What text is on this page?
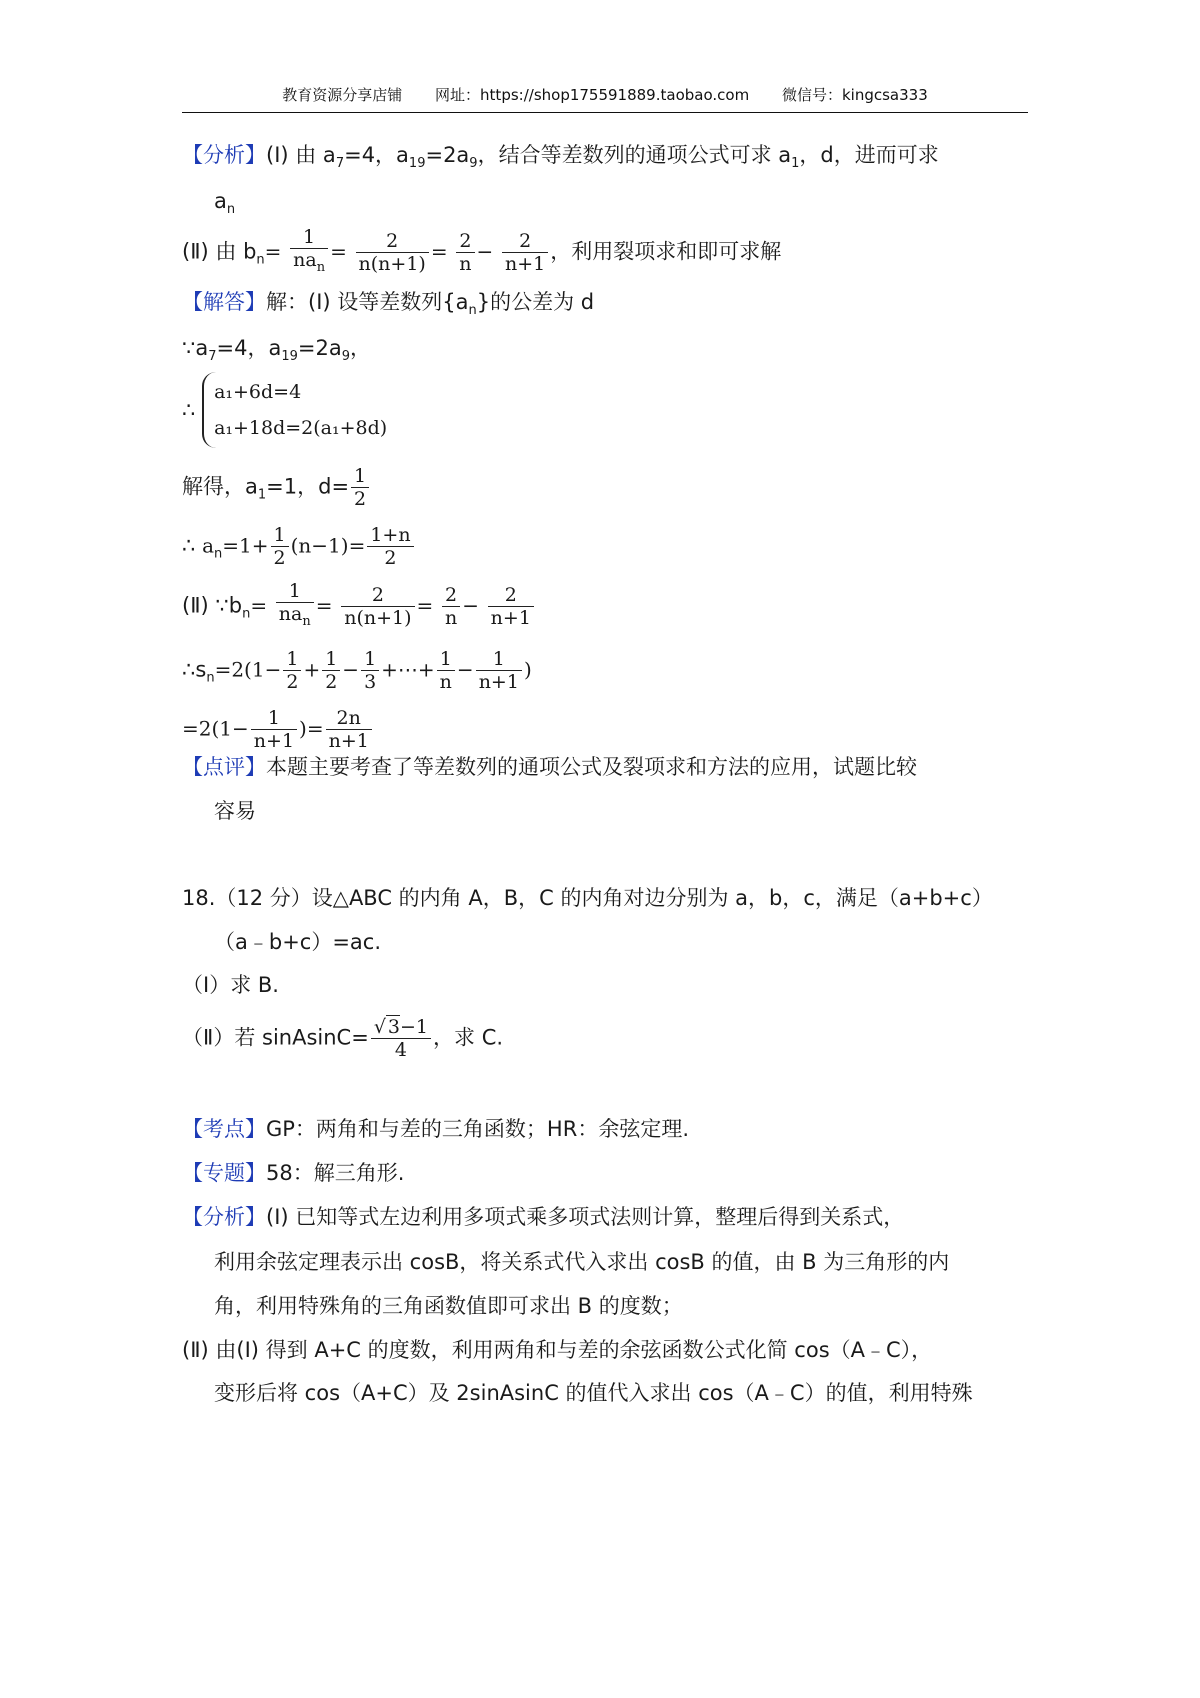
教育资源分享店铺 网址：https://shop175591889.taobao.com 微信号：kingcsa333
【分析】(Ⅰ) 由 $a_7=4$，$a_{19}=2a_9$，结合等差数列的通项公式可求 $a_1$，d，进而可求
$a_n$
(Ⅱ) 由 $b_n= \frac{1}{na_n} = \frac{2}{n(n+1)} = \frac{2}{n} - \frac{2}{n+1}$ ，利用裂项求和即可求解
【解答】解：(Ⅰ) 设等差数列$\{a_n\}$的公差为 d
$\because a_7=4$，$a_{19}=2a_9$，
∴
a₁+6d=4
a₁+18d=2(a₁+8d)
解得，$a_1=1$，$d= \frac{1}{2}$
∴ $a_n=1+ \frac{1}{2} (n-1)= \frac{1+n}{2}$
(Ⅱ) $\because b_n= \frac{1}{na_n} = \frac{2}{n(n+1)} = \frac{2}{n} - \frac{2}{n+1}$
$\therefore s_n=2(1- \frac{1}{2} + \frac{1}{2} - \frac{1}{3}$ +⋯+ $\frac{1}{n} - \frac{1}{n+1}$ )
$=2(1- \frac{1}{n+1}$ )= $\frac{2n}{n+1}$
【点评】本题主要考查了等差数列的通项公式及裂项求和方法的应用，试题比较
容易
18.（12 分）设△ABC 的内角 A，B，C 的内角对边分别为 a，b，c，满足（a+b+c）
（a﹣b+c）=ac.
（Ⅰ）求 B.
（Ⅱ）若 sinAsinC= $\frac{√ 3-1}{4}$ ，求 C.
【考点】GP：两角和与差的三角函数；HR：余弦定理.
【专题】58：解三角形.
【分析】(Ⅰ) 已知等式左边利用多项式乘多项式法则计算，整理后得到关系式，
利用余弦定理表示出 cosB，将关系式代入求出 cosB 的值，由 B 为三角形的内
角，利用特殊角的三角函数值即可求出 B 的度数；
(Ⅱ) 由(Ⅰ) 得到 A+C 的度数，利用两角和与差的余弦函数公式化简 cos（A﹣C），
变形后将 cos（A+C）及 2sinAsinC 的值代入求出 cos（A﹣C）的值，利用特殊
